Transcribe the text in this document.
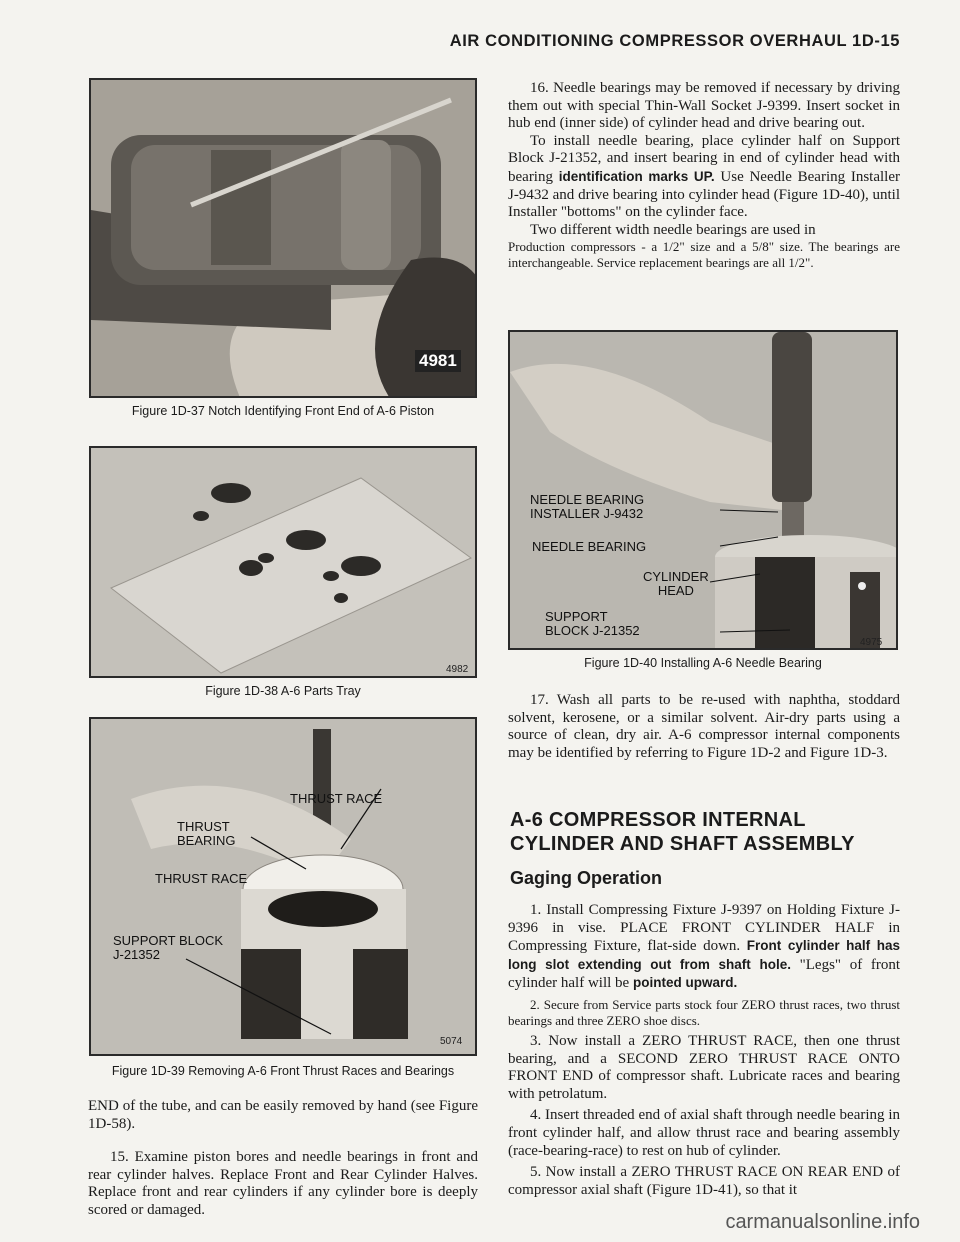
AIR CONDITIONING COMPRESSOR OVERHAUL 1D-15
4981
Figure 1D-37 Notch Identifying Front End of A-6 Piston
4982
Figure 1D-38 A-6 Parts Tray
THRUST RACE
THRUST
BEARING
THRUST RACE
SUPPORT BLOCK
J-21352
5074
Figure 1D-39 Removing A-6 Front Thrust Races and Bearings

END of the tube, and can be easily removed by hand (see Figure 1D-58).

15. Examine piston bores and needle bearings in front and rear cylinder halves. Replace Front and Rear Cylinder Halves. Replace front and rear cylinders if any cylinder bore is deeply scored or damaged.

16. Needle bearings may be removed if necessary by driving them out with special Thin-Wall Socket J-9399. Insert socket in hub end (inner side) of cylinder head and drive bearing out.

To install needle bearing, place cylinder half on Support Block J-21352, and insert bearing in end of cylinder head with bearing identification marks UP. Use Needle Bearing Installer J-9432 and drive bearing into cylinder head (Figure 1D-40), until Installer "bottoms" on the cylinder face.

Two different width needle bearings are used in

Production compressors - a 1/2" size and a 5/8" size. The bearings are interchangeable. Service replacement bearings are all 1/2".

NEEDLE BEARING
INSTALLER J-9432
NEEDLE BEARING
CYLINDER
HEAD
SUPPORT
BLOCK J-21352
4975
Figure 1D-40 Installing A-6 Needle Bearing

17. Wash all parts to be re-used with naphtha, stoddard solvent, kerosene, or a similar solvent. Air-dry parts using a source of clean, dry air. A-6 compressor internal components may be identified by referring to Figure 1D-2 and Figure 1D-3.

A-6 COMPRESSOR INTERNAL CYLINDER AND SHAFT ASSEMBLY
Gaging Operation

1. Install Compressing Fixture J-9397 on Holding Fixture J-9396 in vise. PLACE FRONT CYLINDER HALF in Compressing Fixture, flat-side down. Front cylinder half has long slot extending out from shaft hole. "Legs" of front cylinder half will be pointed upward.

2. Secure from Service parts stock four ZERO thrust races, two thrust bearings and three ZERO shoe discs.

3. Now install a ZERO THRUST RACE, then one thrust bearing, and a SECOND ZERO THRUST RACE ONTO FRONT END of compressor shaft. Lubricate races and bearing with petrolatum.

4. Insert threaded end of axial shaft through needle bearing in front cylinder half, and allow thrust race and bearing assembly (race-bearing-race) to rest on hub of cylinder.

5. Now install a ZERO THRUST RACE ON REAR END of compressor axial shaft (Figure 1D-41), so that it

carmanualsonline.info
